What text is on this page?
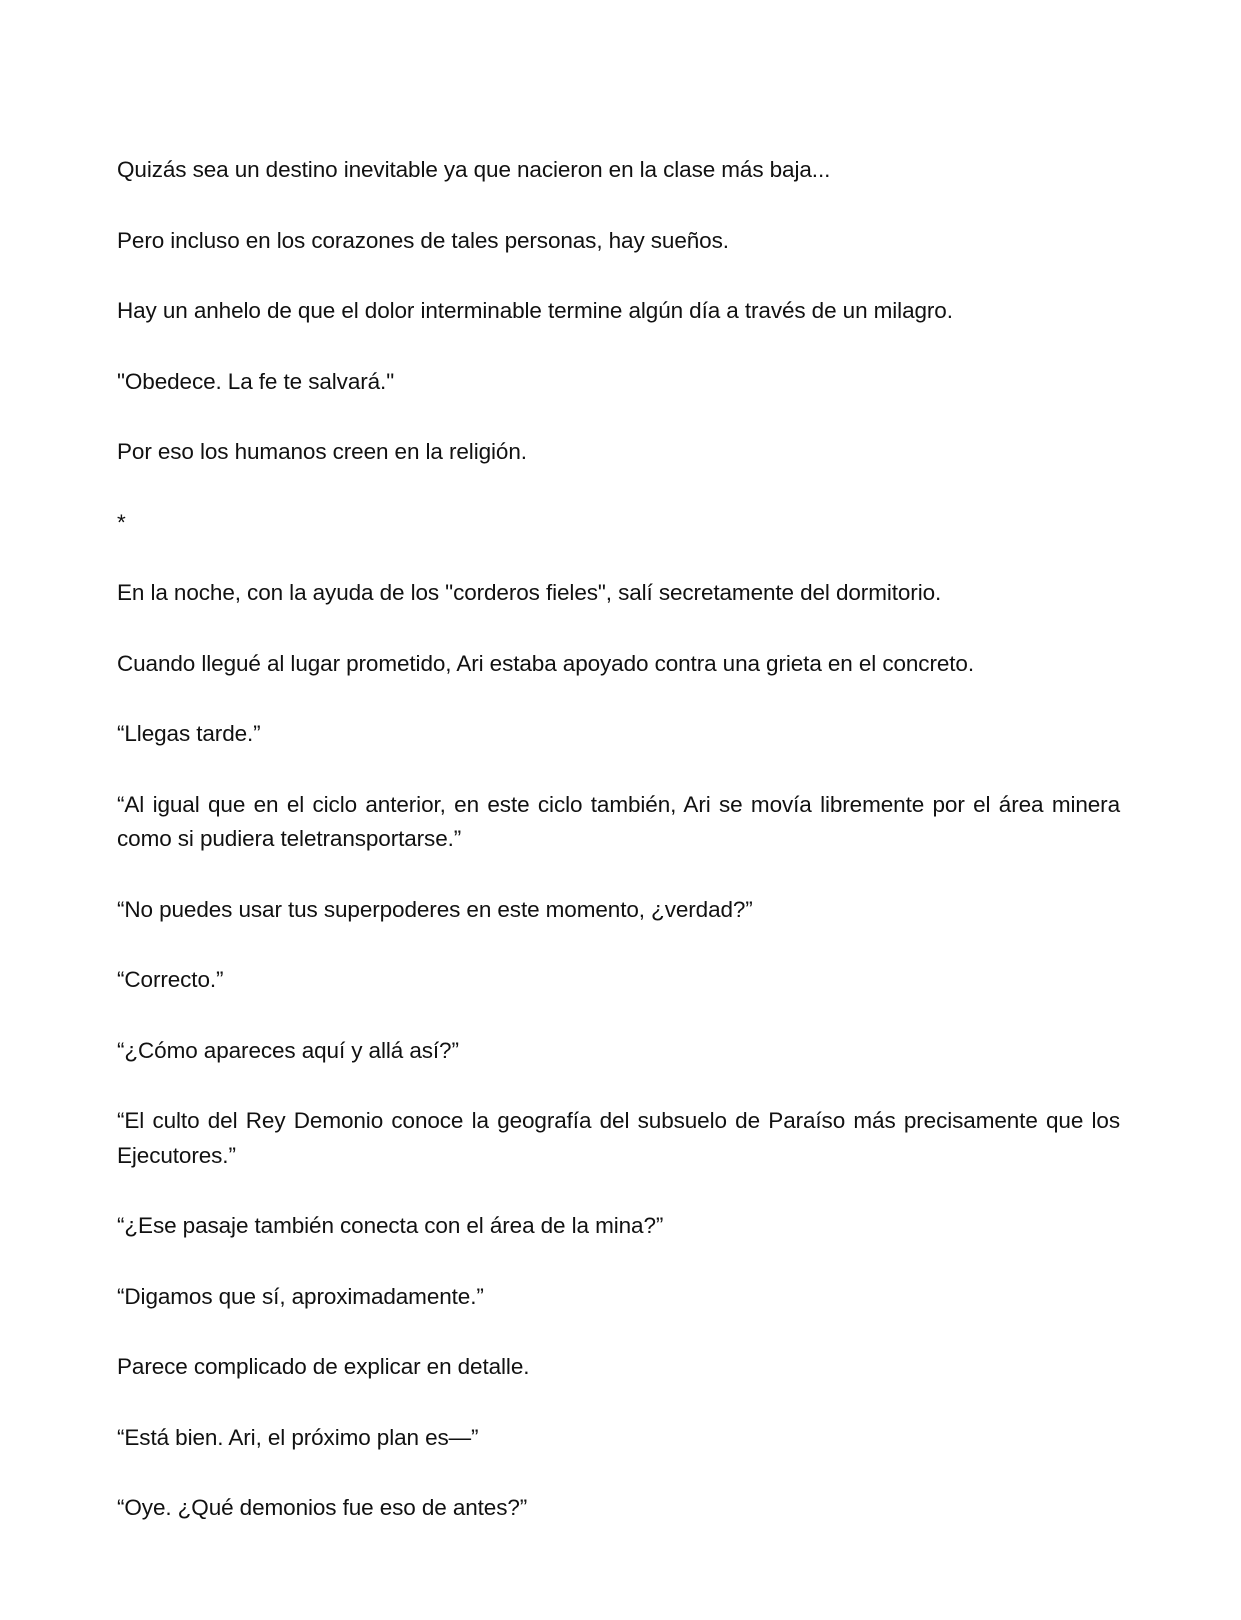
Quizás sea un destino inevitable ya que nacieron en la clase más baja...

Pero incluso en los corazones de tales personas, hay sueños.

Hay un anhelo de que el dolor interminable termine algún día a través de un milagro.

"Obedece. La fe te salvará."

Por eso los humanos creen en la religión.

*

En la noche, con la ayuda de los "corderos fieles", salí secretamente del dormitorio.

Cuando llegué al lugar prometido, Ari estaba apoyado contra una grieta en el concreto.

“Llegas tarde.”

“Al igual que en el ciclo anterior, en este ciclo también, Ari se movía libremente por el área minera como si pudiera teletransportarse.”

“No puedes usar tus superpoderes en este momento, ¿verdad?”

“Correcto.”

“¿Cómo apareces aquí y allá así?”

“El culto del Rey Demonio conoce la geografía del subsuelo de Paraíso más precisamente que los Ejecutores.”

“¿Ese pasaje también conecta con el área de la mina?”

“Digamos que sí, aproximadamente.”

Parece complicado de explicar en detalle.

“Está bien. Ari, el próximo plan es—”

“Oye. ¿Qué demonios fue eso de antes?”
